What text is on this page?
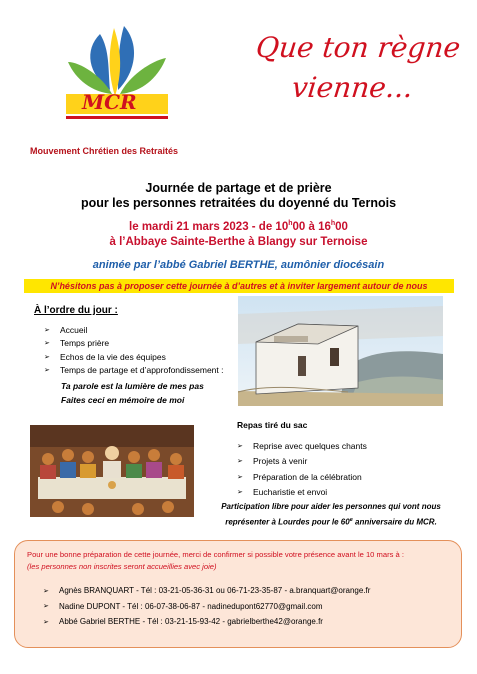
MCR
Mouvement Chrétien des Retraités
Que ton règne
vienne...
Journée de partage et de prière
pour les personnes retraitées du doyenné du Ternois
le mardi 21 mars 2023 - de 10$^h$00 à 16$^h$00
à l’Abbaye Sainte-Berthe à Blangy sur Ternoise
animée par l’abbé Gabriel BERTHE, aumônier diocésain
N’hésitons pas à proposer cette journée à d’autres et à inviter largement autour de nous
À l’ordre du jour :
➢	Accueil
➢	Temps prière
➢	Echos de la vie des équipes
➢	Temps de partage et d’approfondissement :
Ta parole est la lumière de mes pas
Faites ceci en mémoire de moi
Repas tiré du sac
➢	Reprise avec quelques chants
➢	Projets à venir
➢	Préparation de la célébration
➢	Eucharistie et envoi
Participation libre pour aider les personnes qui vont nous
représenter à Lourdes pour le 60e anniversaire du MCR.
Pour une bonne préparation de cette journée, merci de confirmer si possible votre présence avant le 10 mars à :
(les personnes non inscrites seront accueillies avec joie)
➢	Agnès BRANQUART - Tél : 03-21-05-36-31 ou 06-71-23-35-87 - a.branquart@orange.fr
➢	Nadine DUPONT - Tél : 06-07-38-06-87 - nadinedupont62770@gmail.com
➢	Abbé Gabriel BERTHE - Tél : 03-21-15-93-42 - gabrielberthe42@orange.fr
